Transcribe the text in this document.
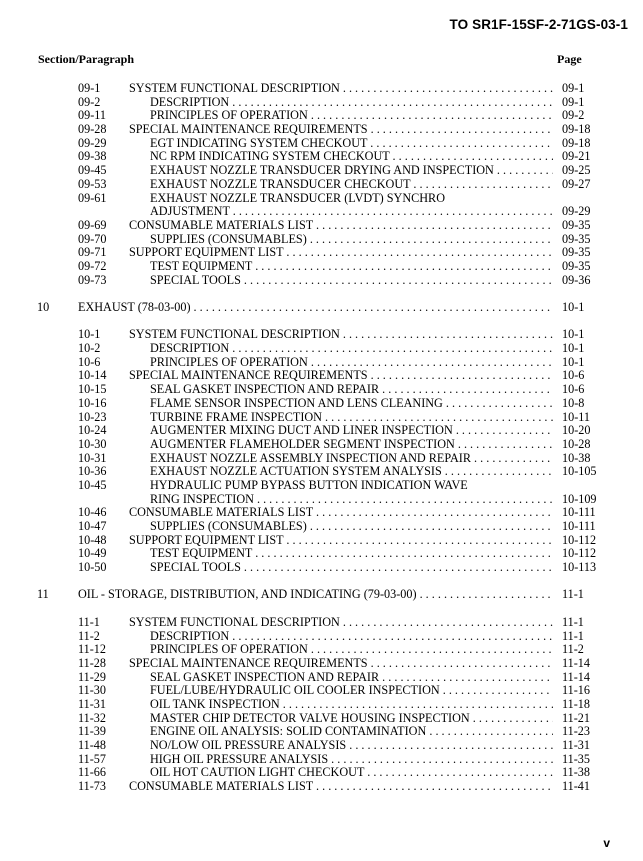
TO SR1F-15SF-2-71GS-03-1
Section/Paragraph	Page
09-1 SYSTEM FUNCTIONAL DESCRIPTION . . .	09-1
09-2	DESCRIPTION . . .	09-1
09-11	PRINCIPLES OF OPERATION . . .	09-2
09-28 SPECIAL MAINTENANCE REQUIREMENTS . . .	09-18
09-29	EGT INDICATING SYSTEM CHECKOUT . . .	09-18
09-38	NC RPM INDICATING SYSTEM CHECKOUT . . .	09-21
09-45	EXHAUST NOZZLE TRANSDUCER DRYING AND INSPECTION . . .	09-25
09-53	EXHAUST NOZZLE TRANSDUCER CHECKOUT . . .	09-27
09-61	EXHAUST NOZZLE TRANSDUCER (LVDT) SYNCHRO
ADJUSTMENT . . .	09-29
09-69 CONSUMABLE MATERIALS LIST . . .	09-35
09-70	SUPPLIES (CONSUMABLES) . . .	09-35
09-71 SUPPORT EQUIPMENT LIST . . .	09-35
09-72	TEST EQUIPMENT . . .	09-35
09-73	SPECIAL TOOLS . . .	09-36
10 EXHAUST (78-03-00) . . .	10-1
10-1 SYSTEM FUNCTIONAL DESCRIPTION . . .	10-1
10-2	DESCRIPTION . . .	10-1
10-6	PRINCIPLES OF OPERATION . . .	10-1
10-14 SPECIAL MAINTENANCE REQUIREMENTS . . .	10-6
10-15	SEAL GASKET INSPECTION AND REPAIR . . .	10-6
10-16	FLAME SENSOR INSPECTION AND LENS CLEANING . . .	10-8
10-23	TURBINE FRAME INSPECTION . . .	10-11
10-24	AUGMENTER MIXING DUCT AND LINER INSPECTION . . .	10-20
10-30	AUGMENTER FLAMEHOLDER SEGMENT INSPECTION . . .	10-28
10-31	EXHAUST NOZZLE ASSEMBLY INSPECTION AND REPAIR . . .	10-38
10-36	EXHAUST NOZZLE ACTUATION SYSTEM ANALYSIS . . .	10-105
10-45	HYDRAULIC PUMP BYPASS BUTTON INDICATION WAVE
RING INSPECTION . . .	10-109
10-46 CONSUMABLE MATERIALS LIST . . .	10-111
10-47	SUPPLIES (CONSUMABLES) . . .	10-111
10-48 SUPPORT EQUIPMENT LIST . . .	10-112
10-49	TEST EQUIPMENT . . .	10-112
10-50	SPECIAL TOOLS . . .	10-113
11 OIL - STORAGE, DISTRIBUTION, AND INDICATING (79-03-00) . . .	11-1
11-1 SYSTEM FUNCTIONAL DESCRIPTION . . .	11-1
11-2	DESCRIPTION . . .	11-1
11-12	PRINCIPLES OF OPERATION . . .	11-2
11-28 SPECIAL MAINTENANCE REQUIREMENTS . . .	11-14
11-29	SEAL GASKET INSPECTION AND REPAIR . . .	11-14
11-30	FUEL/LUBE/HYDRAULIC OIL COOLER INSPECTION . . .	11-16
11-31	OIL TANK INSPECTION . . .	11-18
11-32	MASTER CHIP DETECTOR VALVE HOUSING INSPECTION . . .	11-21
11-39	ENGINE OIL ANALYSIS: SOLID CONTAMINATION . . .	11-23
11-48	NO/LOW OIL PRESSURE ANALYSIS . . .	11-31
11-57	HIGH OIL PRESSURE ANALYSIS . . .	11-35
11-66	OIL HOT CAUTION LIGHT CHECKOUT . . .	11-38
11-73 CONSUMABLE MATERIALS LIST . . .	11-41
v
